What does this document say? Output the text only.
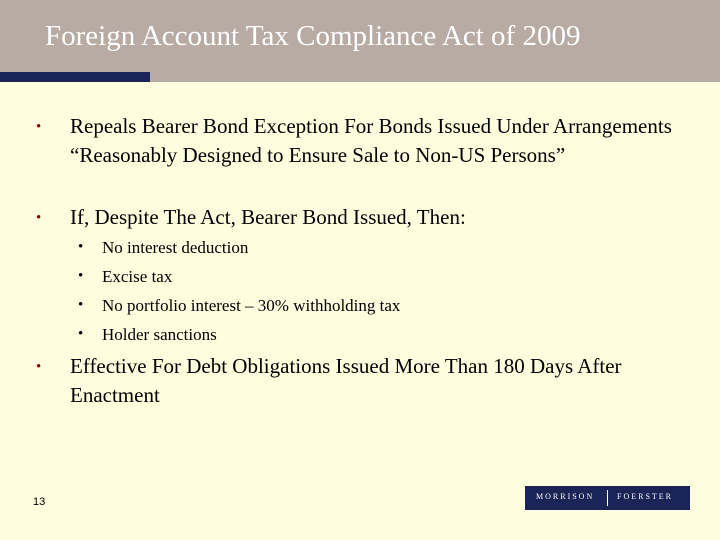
Foreign Account Tax Compliance Act of 2009
• Repeals Bearer Bond Exception For Bonds Issued Under Arrangements “Reasonably Designed to Ensure Sale to Non-US Persons”
• If, Despite The Act, Bearer Bond Issued, Then:
• No interest deduction
• Excise tax
• No portfolio interest – 30% withholding tax
• Holder sanctions
• Effective For Debt Obligations Issued More Than 180 Days After Enactment
13	MORRISON	FOERSTER
